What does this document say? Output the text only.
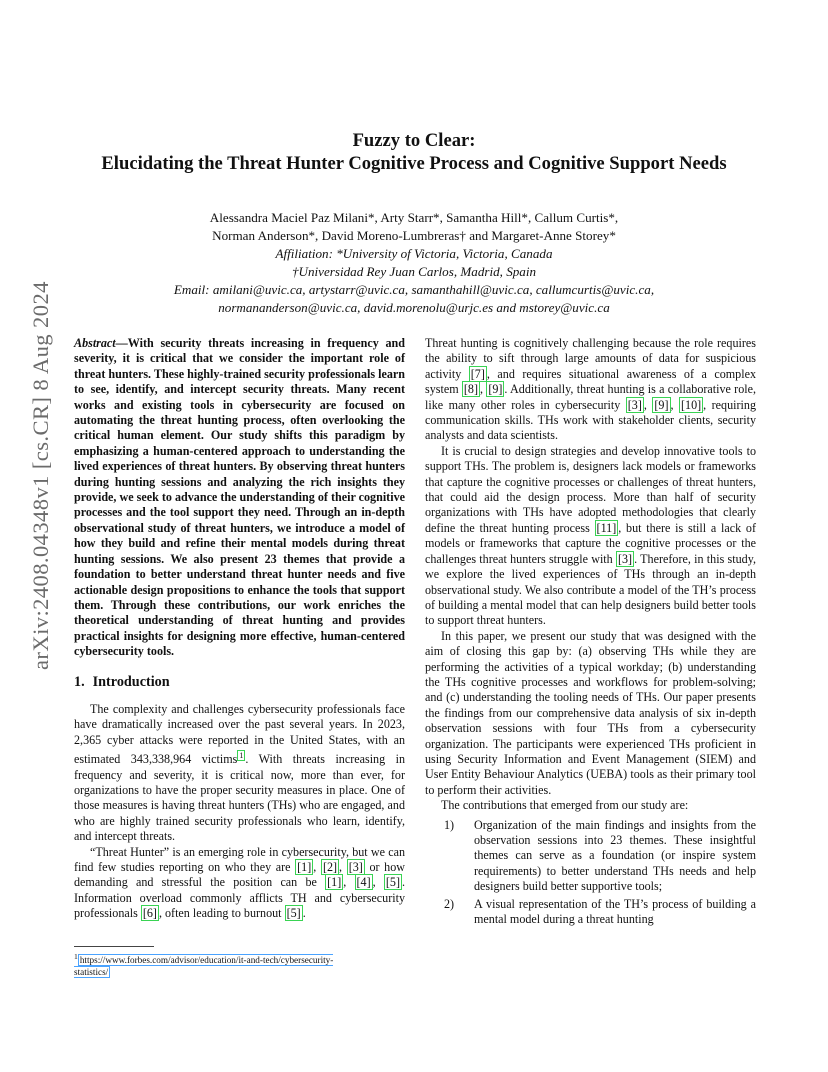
Fuzzy to Clear:
Elucidating the Threat Hunter Cognitive Process and Cognitive Support Needs
Alessandra Maciel Paz Milani*, Arty Starr*, Samantha Hill*, Callum Curtis*,
Norman Anderson*, David Moreno-Lumbreras† and Margaret-Anne Storey*
Affiliation: *University of Victoria, Victoria, Canada
†Universidad Rey Juan Carlos, Madrid, Spain
Email: amilani@uvic.ca, artystarr@uvic.ca, samanthahill@uvic.ca, callumcurtis@uvic.ca,
normananderson@uvic.ca, david.morenolu@urjc.es and mstorey@uvic.ca
arXiv:2408.04348v1 [cs.CR] 8 Aug 2024	Abstract—With security threats increasing in frequency and severity, it is critical that we consider the important role of threat hunters. These highly-trained security professionals learn to see, identify, and intercept security threats. Many recent works and existing tools in cybersecurity are focused on automating the threat hunting process, often overlooking the critical human element. Our study shifts this paradigm by emphasizing a human-centered approach to understanding the lived experiences of threat hunters. By observing threat hunters during hunting sessions and analyzing the rich insights they provide, we seek to advance the understanding of their cognitive processes and the tool support they need. Through an in-depth observational study of threat hunters, we introduce a model of how they build and refine their mental models during threat hunting sessions. We also present 23 themes that provide a foundation to better understand threat hunter needs and five actionable design propositions to enhance the tools that support them. Through these contributions, our work enriches the theoretical understanding of threat hunting and provides practical insights for designing more effective, human-centered cybersecurity tools.

1. Introduction

The complexity and challenges cybersecurity professionals face have dramatically increased over the past several years. In 2023, 2,365 cyber attacks were reported in the United States, with an estimated 343,338,964 victims $^1$ . With threats increasing in frequency and severity, it is critical now, more than ever, for organizations to have the proper security measures in place. One of those measures is having threat hunters (THs) who are engaged, and who are highly trained security professionals who learn, identify, and intercept threats.

“Threat Hunter” is an emerging role in cybersecurity, but we can find few studies reporting on who they are [1] , [2] , [3] or how demanding and stressful the position can be [1] , [4] , [5] . Information overload commonly afflicts TH and cybersecurity professionals [6] , often leading to burnout [5] .

$^1$ https://www.forbes.com/advisor/education/it-and-tech/cybersecurity-
statistics/

Threat hunting is cognitively challenging because the role requires the ability to sift through large amounts of data for suspicious activity [7] , and requires situational awareness of a complex system [8] , [9] . Additionally, threat hunting is a collaborative role, like many other roles in cybersecurity [3] , [9] , [10] , requiring communication skills. THs work with stakeholder clients, security analysts and data scientists.

It is crucial to design strategies and develop innovative tools to support THs. The problem is, designers lack models or frameworks that capture the cognitive processes or challenges of threat hunters, that could aid the design process. More than half of security organizations with THs have adopted methodologies that clearly define the threat hunting process [11] , but there is still a lack of models or frameworks that capture the cognitive processes or the challenges threat hunters struggle with [3] . Therefore, in this study, we explore the lived experiences of THs through an in-depth observational study. We also contribute a model of the TH’s process of building a mental model that can help designers build better tools to support threat hunters.

In this paper, we present our study that was designed with the aim of closing this gap by: (a) observing THs while they are performing the activities of a typical workday; (b) understanding the THs cognitive processes and workflows for problem-solving; and (c) understanding the tooling needs of THs. Our paper presents the findings from our comprehensive data analysis of six in-depth observation sessions with four THs from a cybersecurity organization. The participants were experienced THs proficient in using Security Information and Event Management (SIEM) and User Entity Behaviour Analytics (UEBA) tools as their primary tool to perform their activities.

The contributions that emerged from our study are:

1) Organization of the main findings and insights from the observation sessions into 23 themes. These insightful themes can serve as a foundation (or inspire system requirements) to better understand THs needs and help designers build better supportive tools;
2) A visual representation of the TH’s process of building a mental model during a threat hunting
